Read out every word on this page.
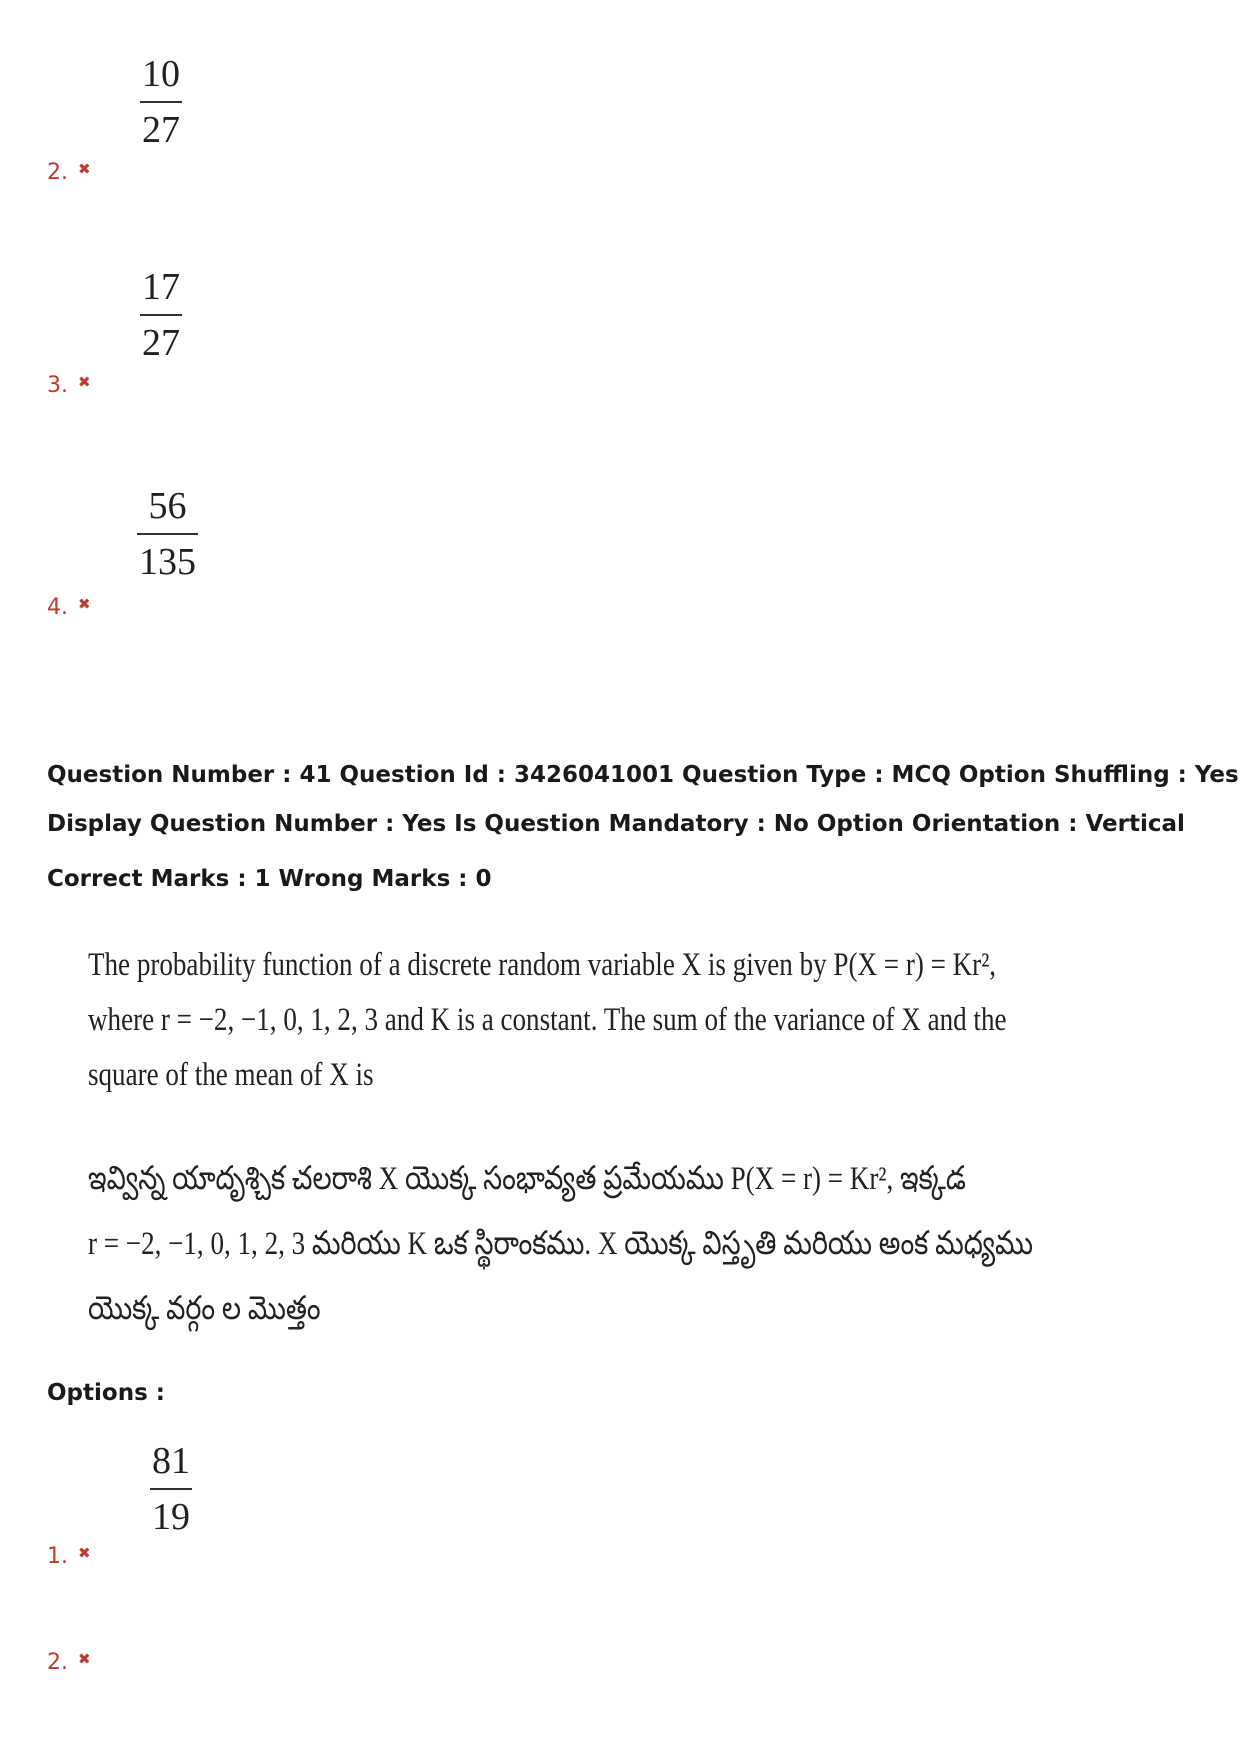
10
27
2. ✖
17
27
3. ✖
56
135
4. ✖
Question Number : 41 Question Id : 3426041001 Question Type : MCQ Option Shuffling : Yes
Display Question Number : Yes Is Question Mandatory : No Option Orientation : Vertical
Correct Marks : 1 Wrong Marks : 0
The probability function of a discrete random variable X is given by P(X = r) = Kr²,
where r = −2, −1, 0, 1, 2, 3 and K is a constant. The sum of the variance of X and the
square of the mean of X is
ఇవ్విన్న యాదృశ్చిక చలరాశి X యొక్క సంభావ్యత ప్రమేయము P(X = r) = Kr², ఇక్కడ
r = −2, −1, 0, 1, 2, 3 మరియు K ఒక స్థిరాంకము. X యొక్క విస్తృతి మరియు అంక మధ్యము
యొక్క వర్గం ల మొత్తం
Options :
81
19
1. ✖
2. ✖
